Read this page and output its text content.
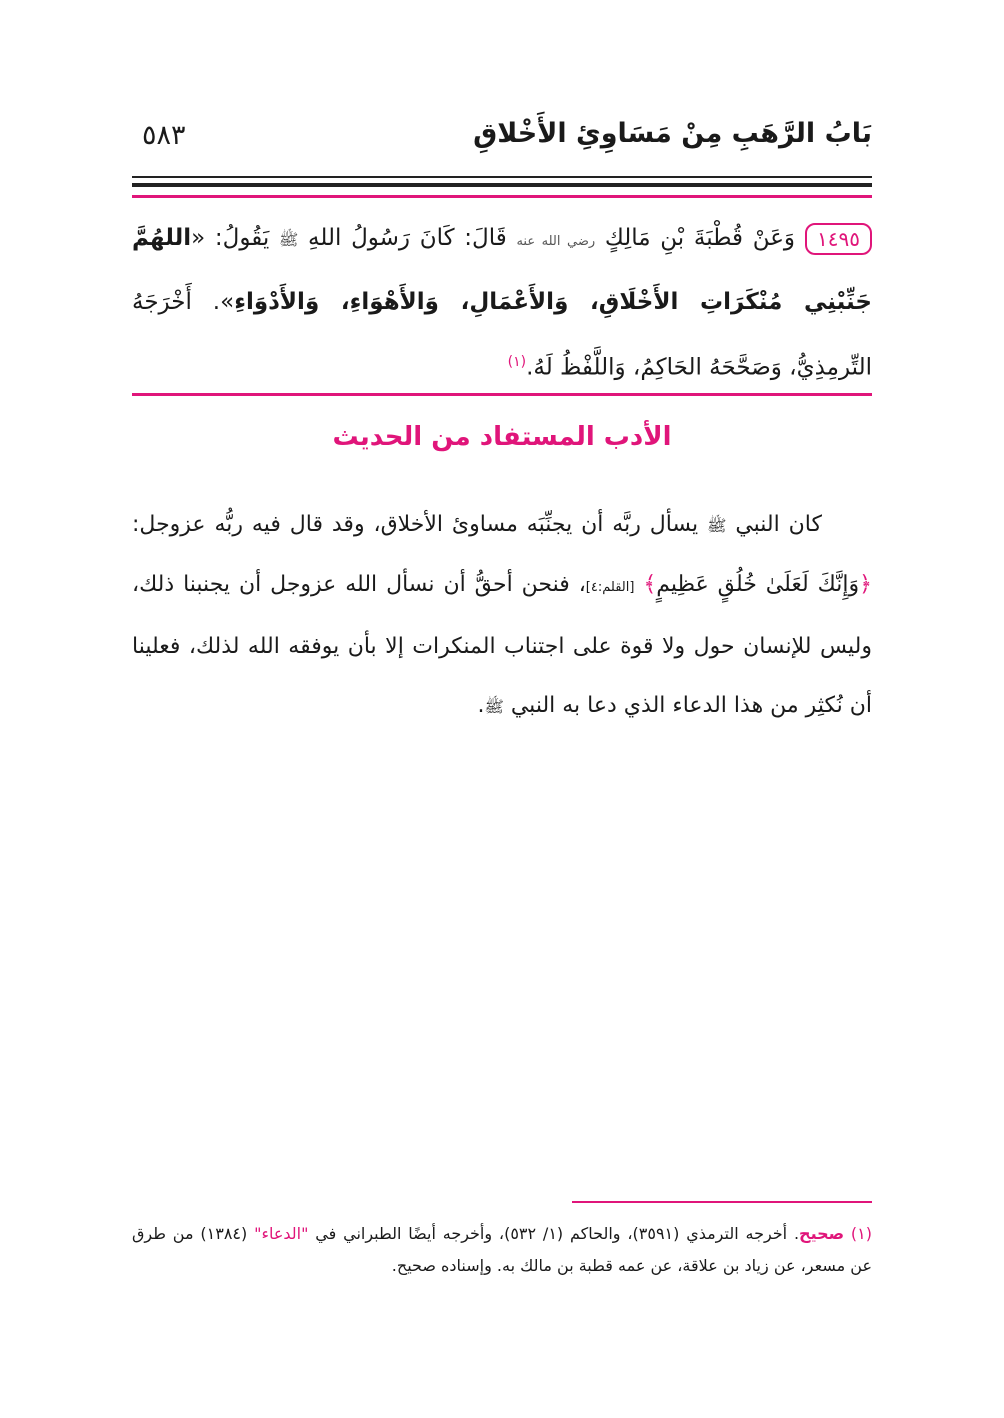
بَابُ الرَّهَبِ مِنْ مَسَاوِئِ الأَخْلاقِ
٥٨٣
١٤٩٥وَعَنْ قُطْبَةَ بْنِ مَالِكٍ رضي الله عنه قَالَ: كَانَ رَسُولُ اللهِ ﷺ يَقُولُ: «اللهُمَّ جَنِّبْنِي مُنْكَرَاتِ الأَخْلَاقِ، وَالأَعْمَالِ، وَالأَهْوَاءِ، وَالأَدْوَاءِ». أَخْرَجَهُ التِّرمِذِيُّ، وَصَحَّحَهُ الحَاكِمُ، وَاللَّفْظُ لَهُ.$^{(١)}$
الأدب المستفاد من الحديث
كان النبي ﷺ يسأل ربَّه أن يجنِّبَه مساوئ الأخلاق، وقد قال فيه ربُّه عزوجل: ﴿وَإِنَّكَ لَعَلَىٰ خُلُقٍ عَظِيمٍ﴾ [القلم:٤]، فنحن أحقُّ أن نسأل الله عزوجل أن يجنبنا ذلك، وليس للإنسان حول ولا قوة على اجتناب المنكرات إلا بأن يوفقه الله لذلك، فعلينا أن نُكثِر من هذا الدعاء الذي دعا به النبي ﷺ.
(١) صحيح. أخرجه الترمذي (٣٥٩١)، والحاكم (١/ ٥٣٢)، وأخرجه أيضًا الطبراني في "الدعاء" (١٣٨٤) من طرق عن مسعر، عن زياد بن علاقة، عن عمه قطبة بن مالك به. وإسناده صحيح.
